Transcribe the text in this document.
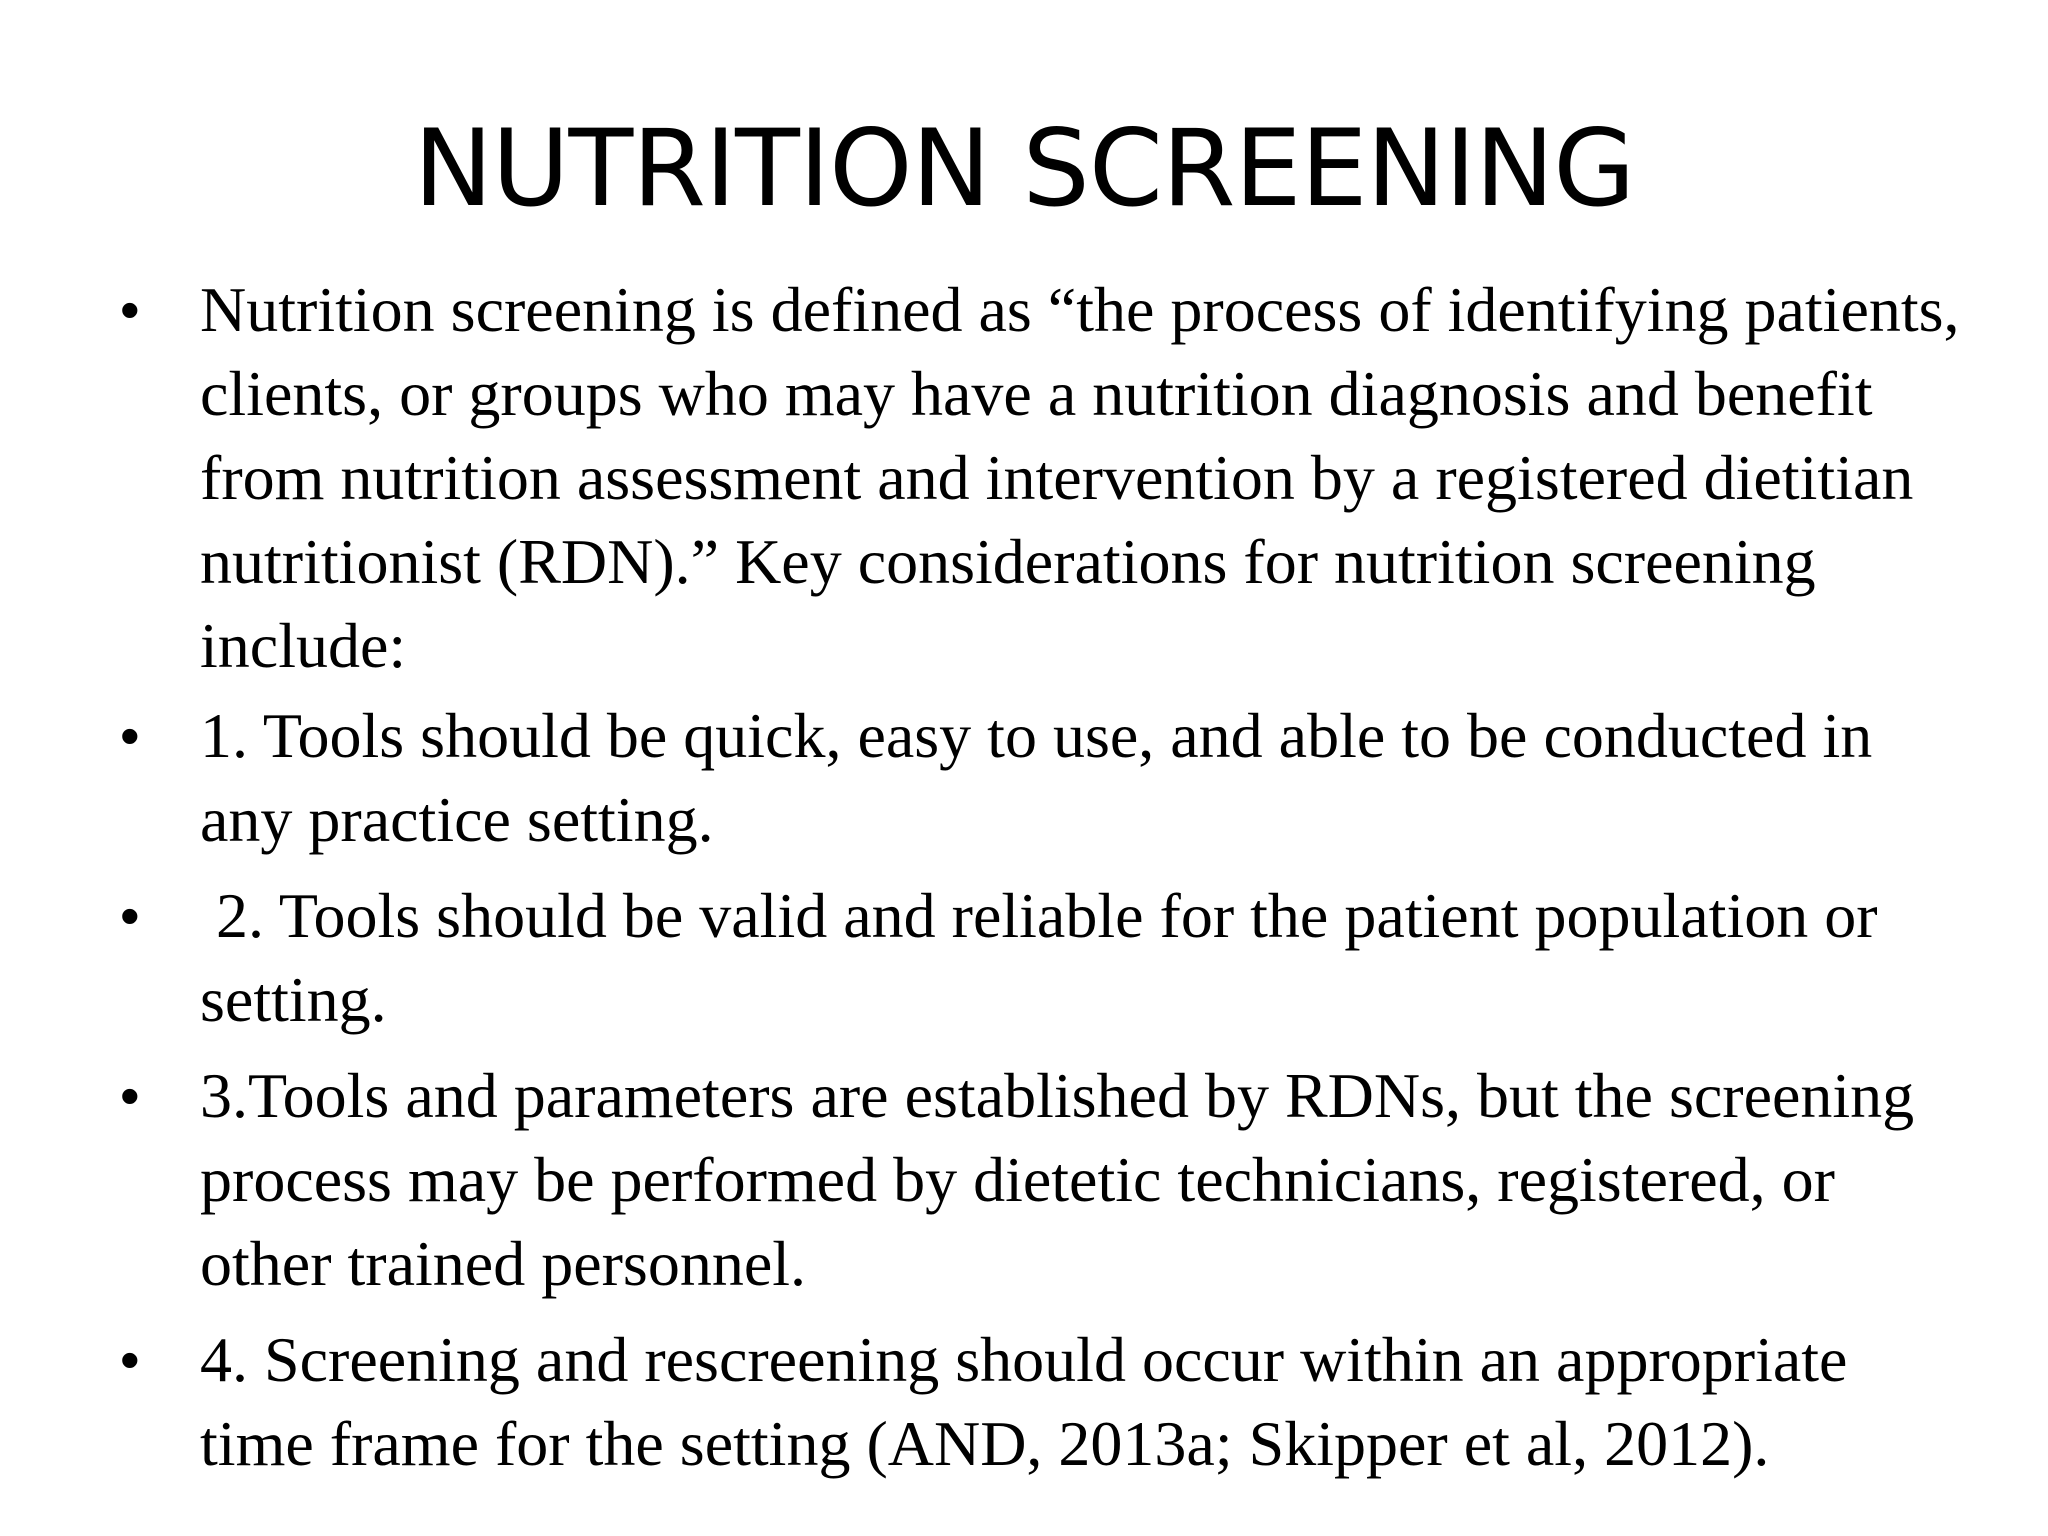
NUTRITION SCREENING
• Nutrition screening is defined as “the process of identifying patients, clients, or groups who may have a nutrition diagnosis and benefit from nutrition assessment and intervention by a registered dietitian nutritionist (RDN).” Key considerations for nutrition screening include:

• 1. Tools should be quick, easy to use, and able to be conducted in any practice setting.

• 2. Tools should be valid and reliable for the patient population or setting.

• 3.Tools and parameters are established by RDNs, but the screening process may be performed by dietetic technicians, registered, or other trained personnel.

• 4. Screening and rescreening should occur within an appropriate time frame for the setting (AND, 2013a; Skipper et al, 2012).
